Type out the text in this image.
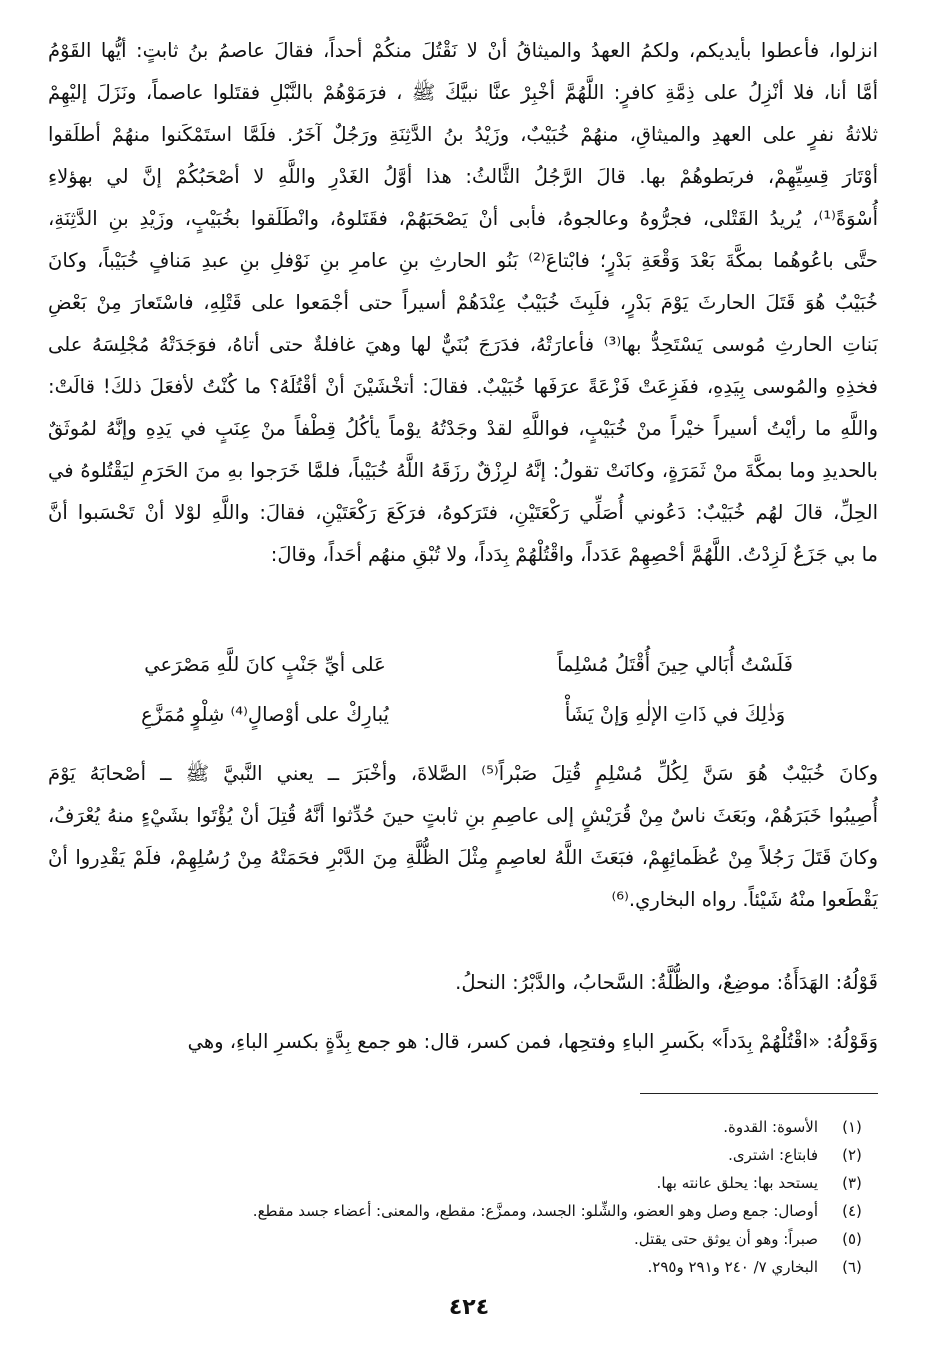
انزلوا، فأعطوا بأيديكم، ولكمُ العهدُ والميثاقُ أنْ لا نَقْتُلَ منكُمْ أحداً، فقالَ عاصمُ بنُ ثابتٍ: أيُّها القَوْمُ
أمَّا أنا، فلا أنْزِلُ على ذِمَّةِ كافرٍ: اللَّهُمَّ أخْبِرْ عنَّا نبيَّكَ ﷺ ، فرَمَوْهُمْ بالنَّبْلِ فقتَلوا عاصماً، ونَزَلَ إليْهِمْ
ثلاثةُ نفرٍ على العهدِ والميثاقِ، منهُمْ خُبَيْبٌ، وزَيْدُ بنُ الدَّثِنَةِ ورَجُلٌ آخَرُ. فلَمَّا استَمْكَنوا منهُمْ أطلَقوا
أوْتَارَ قِسِيِّهِمْ، فربَطوهُمْ بها. قالَ الرَّجُلُ الثَّالثُ: هذا أوَّلُ الغَدْرِ واللَّهِ لا أصْحَبُكُمْ إنَّ لي بهؤلاءِ
أُسْوَةً⁽¹⁾، يُريدُ القَتْلى، فجرُّوهُ وعالجوهُ، فأبى أنْ يَصْحَبَهُمْ، فقَتَلوهُ، وانْطَلَقوا بخُبَيْبٍ، وزَيْدِ بنِ الدَّثِنَةِ،
حتَّى باعُوهُما بمكَّةَ بَعْدَ وَقْعَةِ بَدْرٍ؛ فابْتاعَ⁽²⁾ بَنُو الحارثِ بنِ عامرِ بنِ نَوْفلِ بنِ عبدِ مَنافٍ خُبَيْباً، وكانَ
خُبَيْبٌ هُوَ قَتَلَ الحارثَ يَوْمَ بَدْرٍ، فلَبِثَ خُبَيْبٌ عِنْدَهُمْ أسيراً حتى أجْمَعوا على قَتْلِهِ، فاسْتَعارَ مِنْ بَعْضِ
بَناتِ الحارثِ مُوسى يَسْتَحِدُّ بها⁽³⁾ فأعارَتْهُ، فدَرَجَ بُنَيٌّ لها وهيَ غافلةٌ حتى أتاهُ، فوَجَدَتْهُ مُجْلِسَهُ على
فخذِهِ والمُوسى بِيَدِهِ، ففَزِعَتْ فَزْعَةً عرَفَها خُبَيْبٌ. فقالَ: أتخْشَيْنَ أنْ أقْتُلَهُ؟ ما كُنْتُ لأفعَلَ ذلكَ! قالَتْ:
واللَّهِ ما رأيْتُ أسيراً خيْراً منْ خُبَيْبٍ، فواللَّهِ لقدْ وجَدْتُهُ يوْماً يأكُلُ قِطْفاً منْ عِنَبٍ في يَدِهِ وإنَّهُ لمُوثَقٌ
بالحديدِ وما بمكَّةَ منْ ثَمَرَةٍ، وكانَتْ تقولُ: إنَّهُ لرِزْقٌ رزَقَهُ اللَّهُ خُبَيْباً، فلمَّا خَرَجوا بهِ منَ الحَرَمِ ليَقْتُلوهُ في
الحِلِّ، قالَ لهُم خُبَيْبٌ: دَعُوني أُصَلِّي رَكْعَتَيْنِ، فتَرَكوهُ، فرَكَعَ رَكْعَتَيْنِ، فقالَ: واللَّهِ لوْلا أنْ تَحْسَبوا أنَّ
ما بي جَزَعٌ لَزِدْتُ. اللَّهُمَّ أحْصِهِمْ عَدَداً، واقْتُلْهُمْ بِدَداً، ولا تُبْقِ منهُم أحَداً، وقالَ:
فَلَسْتُ أُبَالي حِينَ أُقْتَلُ مُسْلِماً
عَلى أيِّ جَنْبٍ كانَ للَّهِ مَصْرَعي
وَذٰلِكَ في ذَاتِ الإلٰهِ وَإنْ يَشَأْ
يُبارِكْ على أوْصالٍ⁽⁴⁾ شِلْوٍ مُمَزَّعِ
وكانَ خُبَيْبٌ هُوَ سَنَّ لِكُلِّ مُسْلِمٍ قُتِلَ صَبْراً⁽⁵⁾ الصَّلاةَ، وأخْبَرَ ــ يعني النَّبيَّ ﷺ ــ أصْحابَهُ يَوْمَ
أُصِيبُوا خَبَرَهُمْ، وبَعَثَ ناسٌ مِنْ قُرَيْشٍ إلى عاصِمِ بنِ ثابتٍ حينَ حُدِّثوا أنَّهُ قُتِلَ أنْ يُؤْتَوا بشَيْءٍ منهُ يُعْرَفُ،
وكانَ قَتَلَ رَجُلاً مِنْ عُظَمائِهِمْ، فبَعَثَ اللَّهُ لعاصِمٍ مِثْلَ الظُّلَّةِ مِنَ الدَّبْرِ فحَمَتْهُ مِنْ رُسُلِهِمْ، فلَمْ يَقْدِروا أنْ
يَقْطَعوا منْهُ شَيْئاً. رواه البخاري.⁽⁶⁾
قَوْلُهُ: الهَدَأَةُ: موضِعٌ، والظُّلَّةُ: السَّحابُ، والدَّبْرُ: النحلُ.
وَقَوْلُهُ: «اقْتُلْهُمْ بِدَداً» بكَسرِ الباءِ وفتحِها، فمن كسر، قال: هو جمع بِدَّةٍ بكسرِ الباءِ، وهي
(١)
الأسوة: القدوة.
(٢)
فابتاع: اشترى.
(٣)
يستحد بها: يحلق عانته بها.
(٤)
أوصال: جمع وصل وهو العضو، والشِّلو: الجسد، وممزَّع: مقطع، والمعنى: أعضاء جسد مقطع.
(٥)
صبراً: وهو أن يوثق حتى يقتل.
(٦)
البخاري ٧/ ٢٤٠ و٢٩١ و٢٩٥.
٤٢٤
